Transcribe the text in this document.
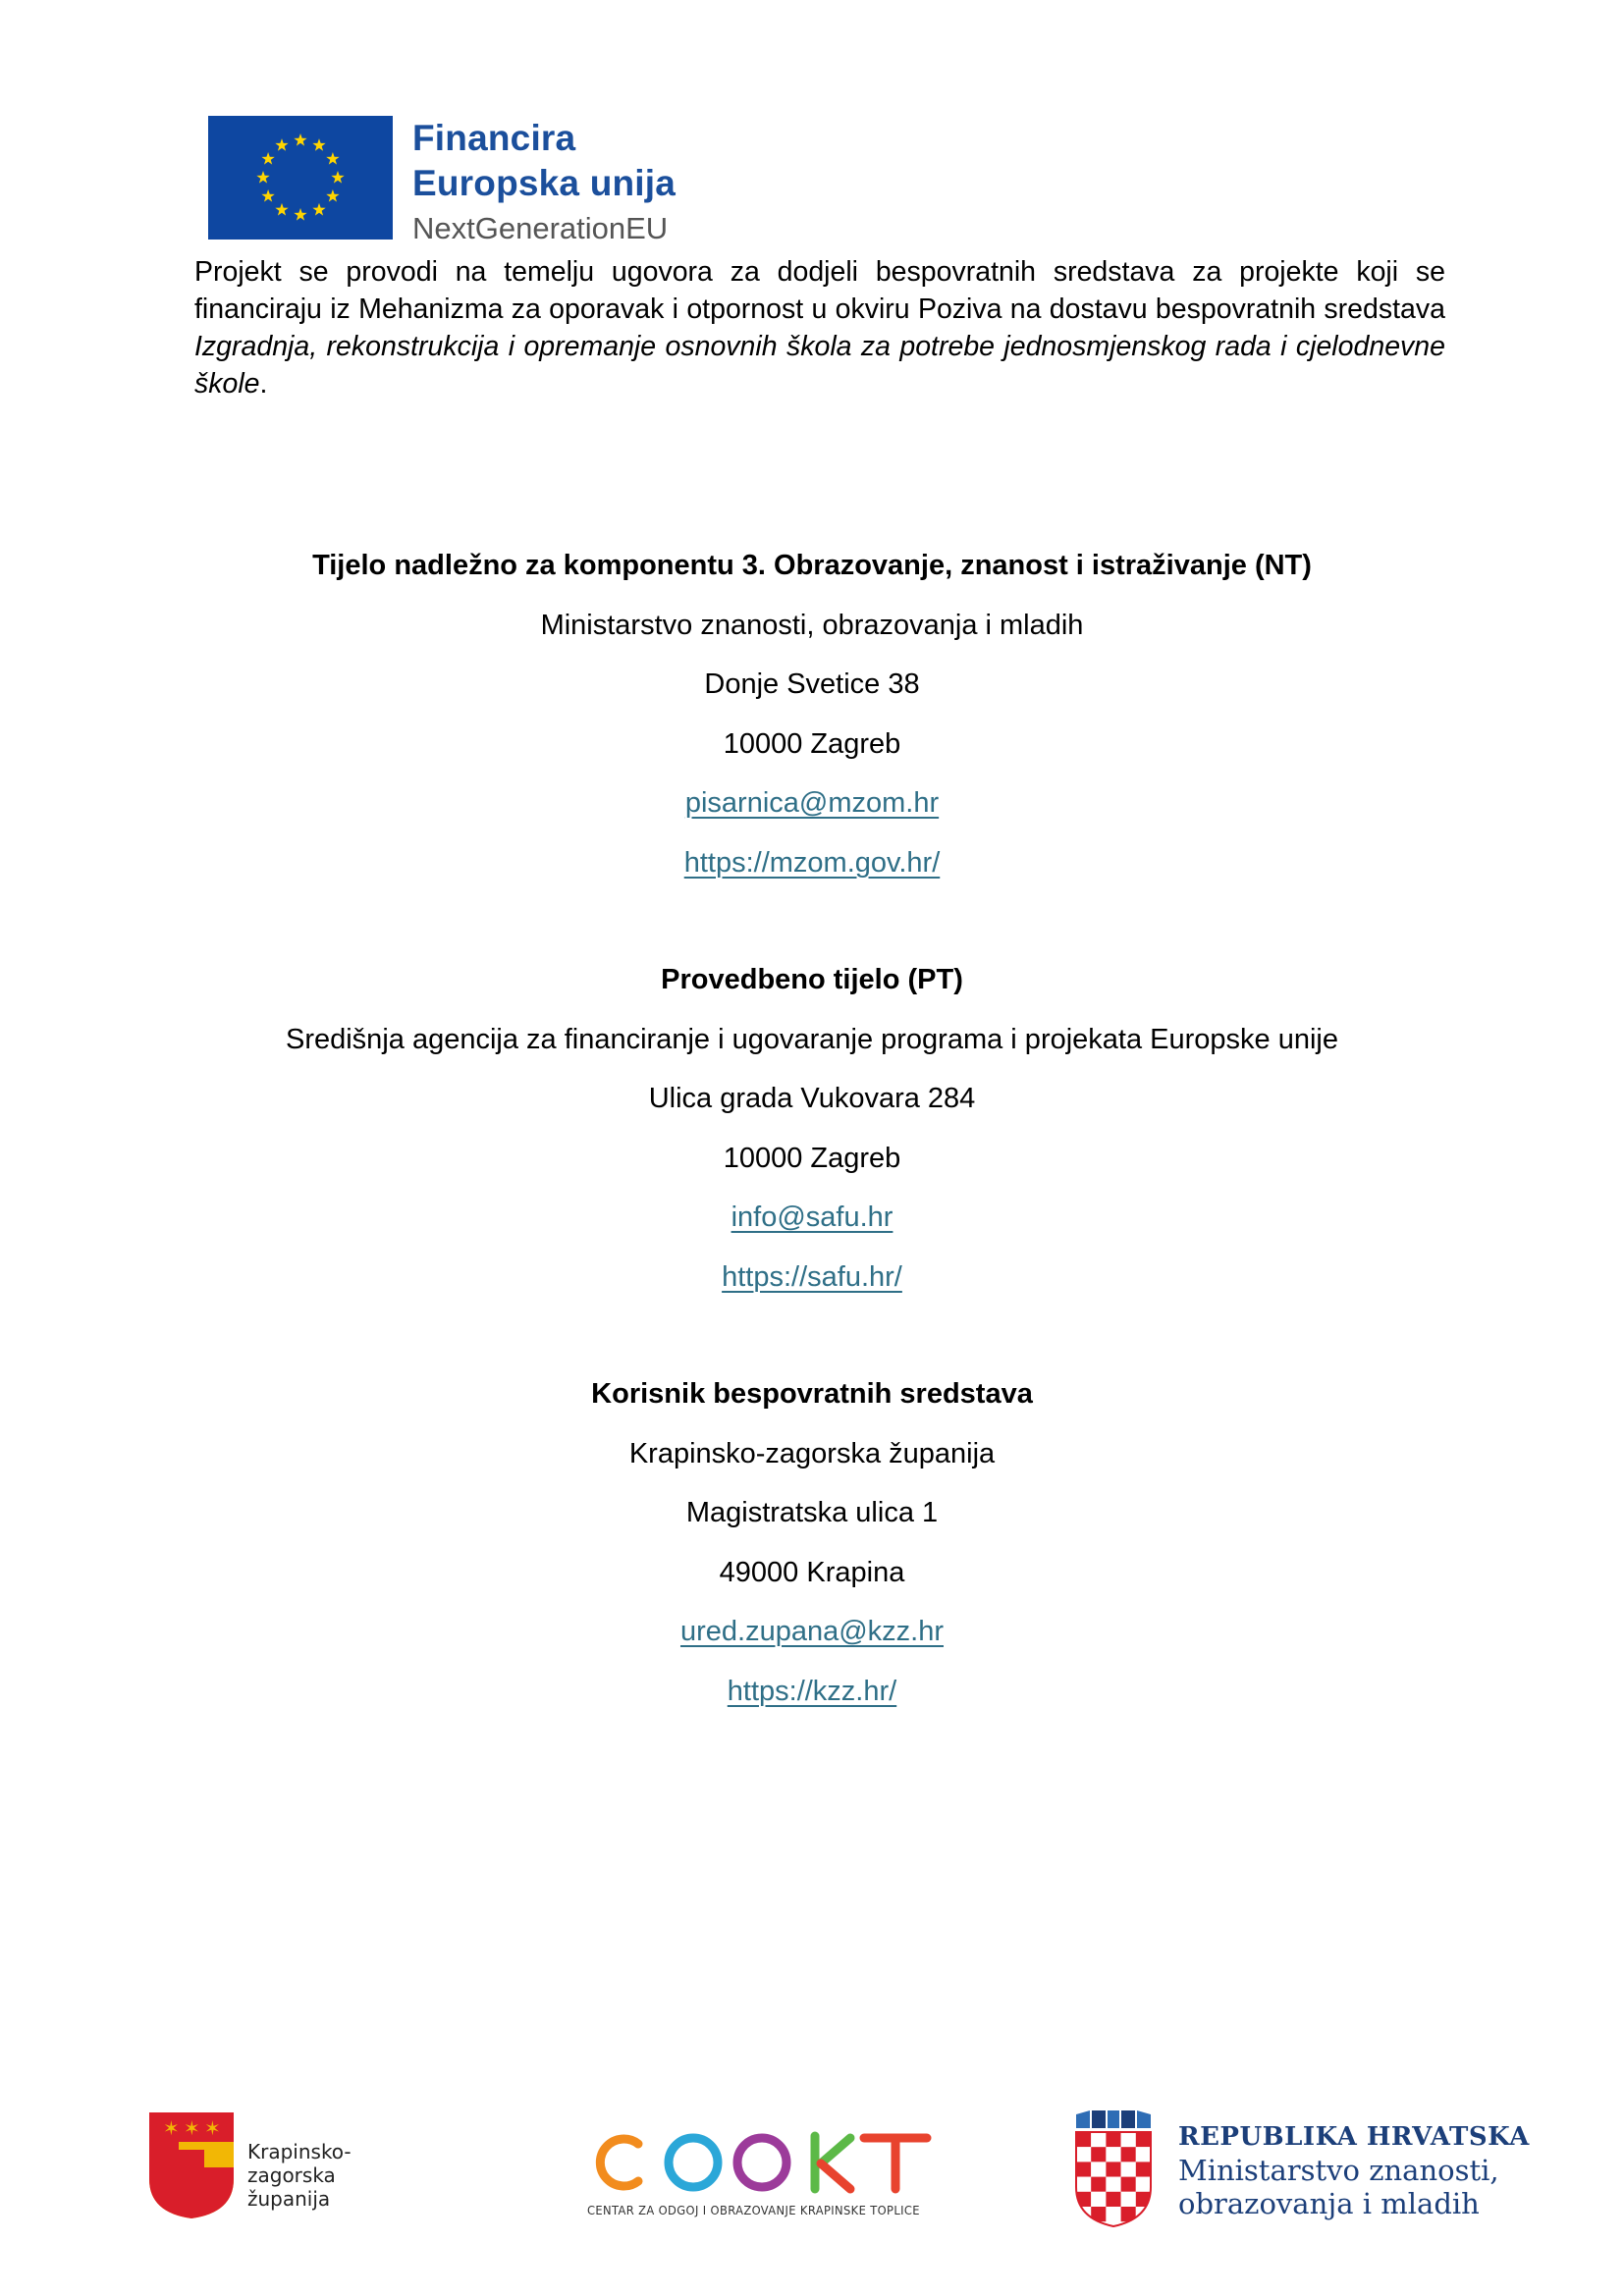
Financira
Europska unija
NextGenerationEU

Projekt se provodi na temelju ugovora za dodjeli bespovratnih sredstava za projekte koji se financiraju iz Mehanizma za oporavak i otpornost u okviru Poziva na dostavu bespovratnih sredstava Izgradnja, rekonstrukcija i opremanje osnovnih škola za potrebe jednosmjenskog rada i cjelodnevne škole.

Tijelo nadležno za komponentu 3. Obrazovanje, znanost i istraživanje (NT)
Ministarstvo znanosti, obrazovanja i mladih
Donje Svetice 38
10000 Zagreb
pisarnica@mzom.hr
https://mzom.gov.hr/
Provedbeno tijelo (PT)
Središnja agencija za financiranje i ugovaranje programa i projekata Europske unije
Ulica grada Vukovara 284
10000 Zagreb
info@safu.hr
https://safu.hr/
Korisnik bespovratnih sredstava
Krapinsko-zagorska županija
Magistratska ulica 1
49000 Krapina
ured.zupana@kzz.hr
https://kzz.hr/
✶ ✶ ✶
Krapinsko-zagorska
županija	CENTAR ZA ODGOJ I OBRAZOVANJE KRAPINSKE TOPLICE
REPUBLIKA HRVATSKA
Ministarstvo znanosti,
obrazovanja i mladih
